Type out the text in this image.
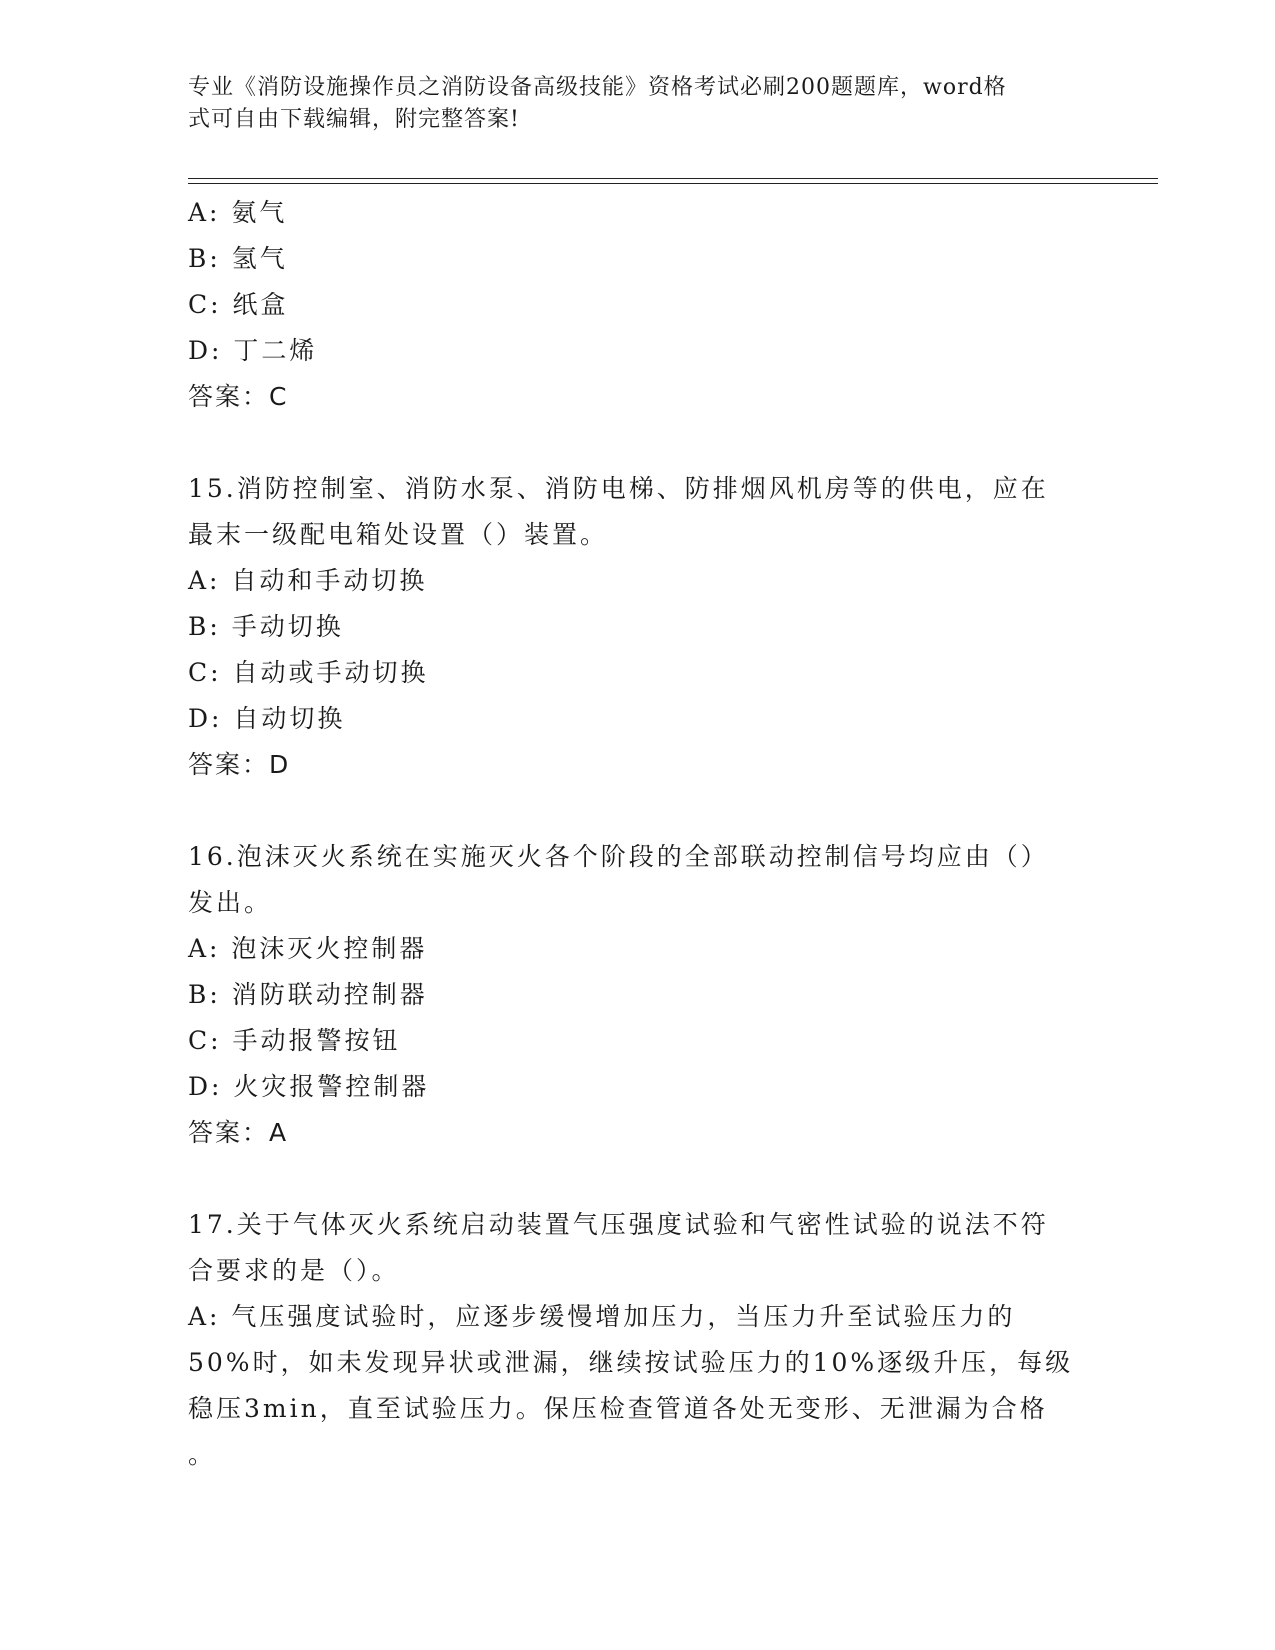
专业《消防设施操作员之消防设备高级技能》资格考试必刷200题题库，word格
式可自由下载编辑，附完整答案!
A: 氨气
B: 氢气
C: 纸盒
D: 丁二烯
答案：C
15.消防控制室、消防水泵、消防电梯、防排烟风机房等的供电，应在
最末一级配电箱处设置（）装置。
A: 自动和手动切换
B: 手动切换
C: 自动或手动切换
D: 自动切换
答案：D
16.泡沫灭火系统在实施灭火各个阶段的全部联动控制信号均应由（）
发出。
A: 泡沫灭火控制器
B: 消防联动控制器
C: 手动报警按钮
D: 火灾报警控制器
答案：A
17.关于气体灭火系统启动装置气压强度试验和气密性试验的说法不符
合要求的是（）。
A: 气压强度试验时，应逐步缓慢增加压力，当压力升至试验压力的
50%时，如未发现异状或泄漏，继续按试验压力的10%逐级升压，每级
稳压3min，直至试验压力。保压检查管道各处无变形、无泄漏为合格
。
